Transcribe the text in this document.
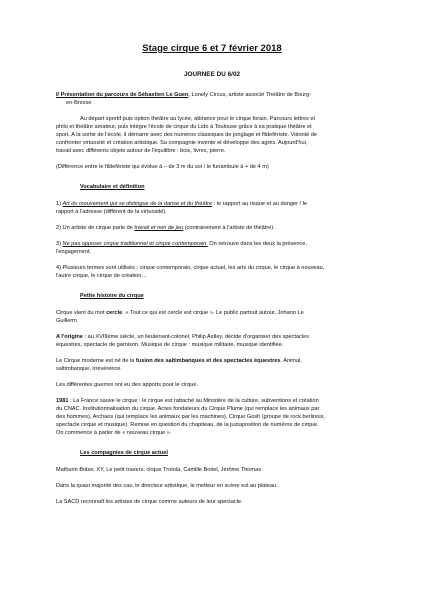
Stage cirque 6 et 7 février 2018
JOURNEE DU 6/02
I/ Présentation du parcours de Sébastien Le Guen, Lonely Circus, artiste associé Théâtre de Bourg-
en-Bresse
Au départ sportif puis option théâtre au lycée, attirance pour le cirque forain. Parcours lettres et
philo et théâtre amateur, puis intègre l'école de cirque du Lido à Toulouse grâce à sa pratique théâtre et
sport. A la sortie de l'école, il démarre avec des numéros classiques de jonglage et fildefériste. Volonté de
confronter virtuosité et création artistique. Sa compagnie invente et développe des agrès. Aujourd'hui,
travail avec différents objets autour de l'équilibre : bois, livres, pierre.
(Différence entre le fildefériste qui évolue à – de 3 m du sol / le funambule à + de 4 m)
Vocabulaire et définition
1) Art du mouvement qui se distingue de la danse et du théâtre : le rapport au risque et au danger / le
rapport à l'adresse (différent de la virtuosité).
2) Un artiste de cirque parle de travail et non de jeu (contrairement à l'artiste de théâtre).
3) Ne pas opposer cirque traditionnel et cirque contemporain. On retrouve dans les deux la présence,
l'engagement.
4) Plusieurs termes sont utilisés : cirque contemporain, cirque actuel, les arts du cirque, le cirque à nouveau,
l'autre cirque, le cirque de création…
Petite histoire du cirque
Cirque vient du mot cercle. « Tout ce qui est cercle est cirque ». Le public partout autour. Johann Le
Guillerm
A l'origine : au XVIIIème siècle, un lieutenant-colonel, Philip Astley, décide d'organiser des spectacles
équestres, spectacle de garnison. Musique de cirque : musique militaire, musique identifiée.
Le Cirque moderne est né de la fusion des saltimbanques et des spectacles équestres. Animal,
saltimbanque, irrévérence.
Les différentes guerres ont eu des apports pour le cirque.
1981 : La France sauve le cirque : le cirque est rattaché au Ministère de la culture, subventions et création
du CNAC. Institutionnalisation du cirque. Actes fondateurs du Cirque Plume (qui remplace les animaux par
des hommes), Archaos (qui remplace les animaux par les machines), Cirque Gosh (groupe de rock berlinois,
spectacle cirque et musique). Remise en question du chapiteau, de la juxtaposition de numéros de cirque.
On commence à parler de « nouveau cirque ».
Les compagnies de cirque actuel
Mathurin Bolze, XY, Le petit travers, cirque Trotola, Camille Boitel, Jérôme Thomas
Dans la quasi majorité des cas, le directeur artistique, le metteur en scène est au plateau.
La SACD reconnaît les artistes de cirque comme auteurs de leur spectacle.
